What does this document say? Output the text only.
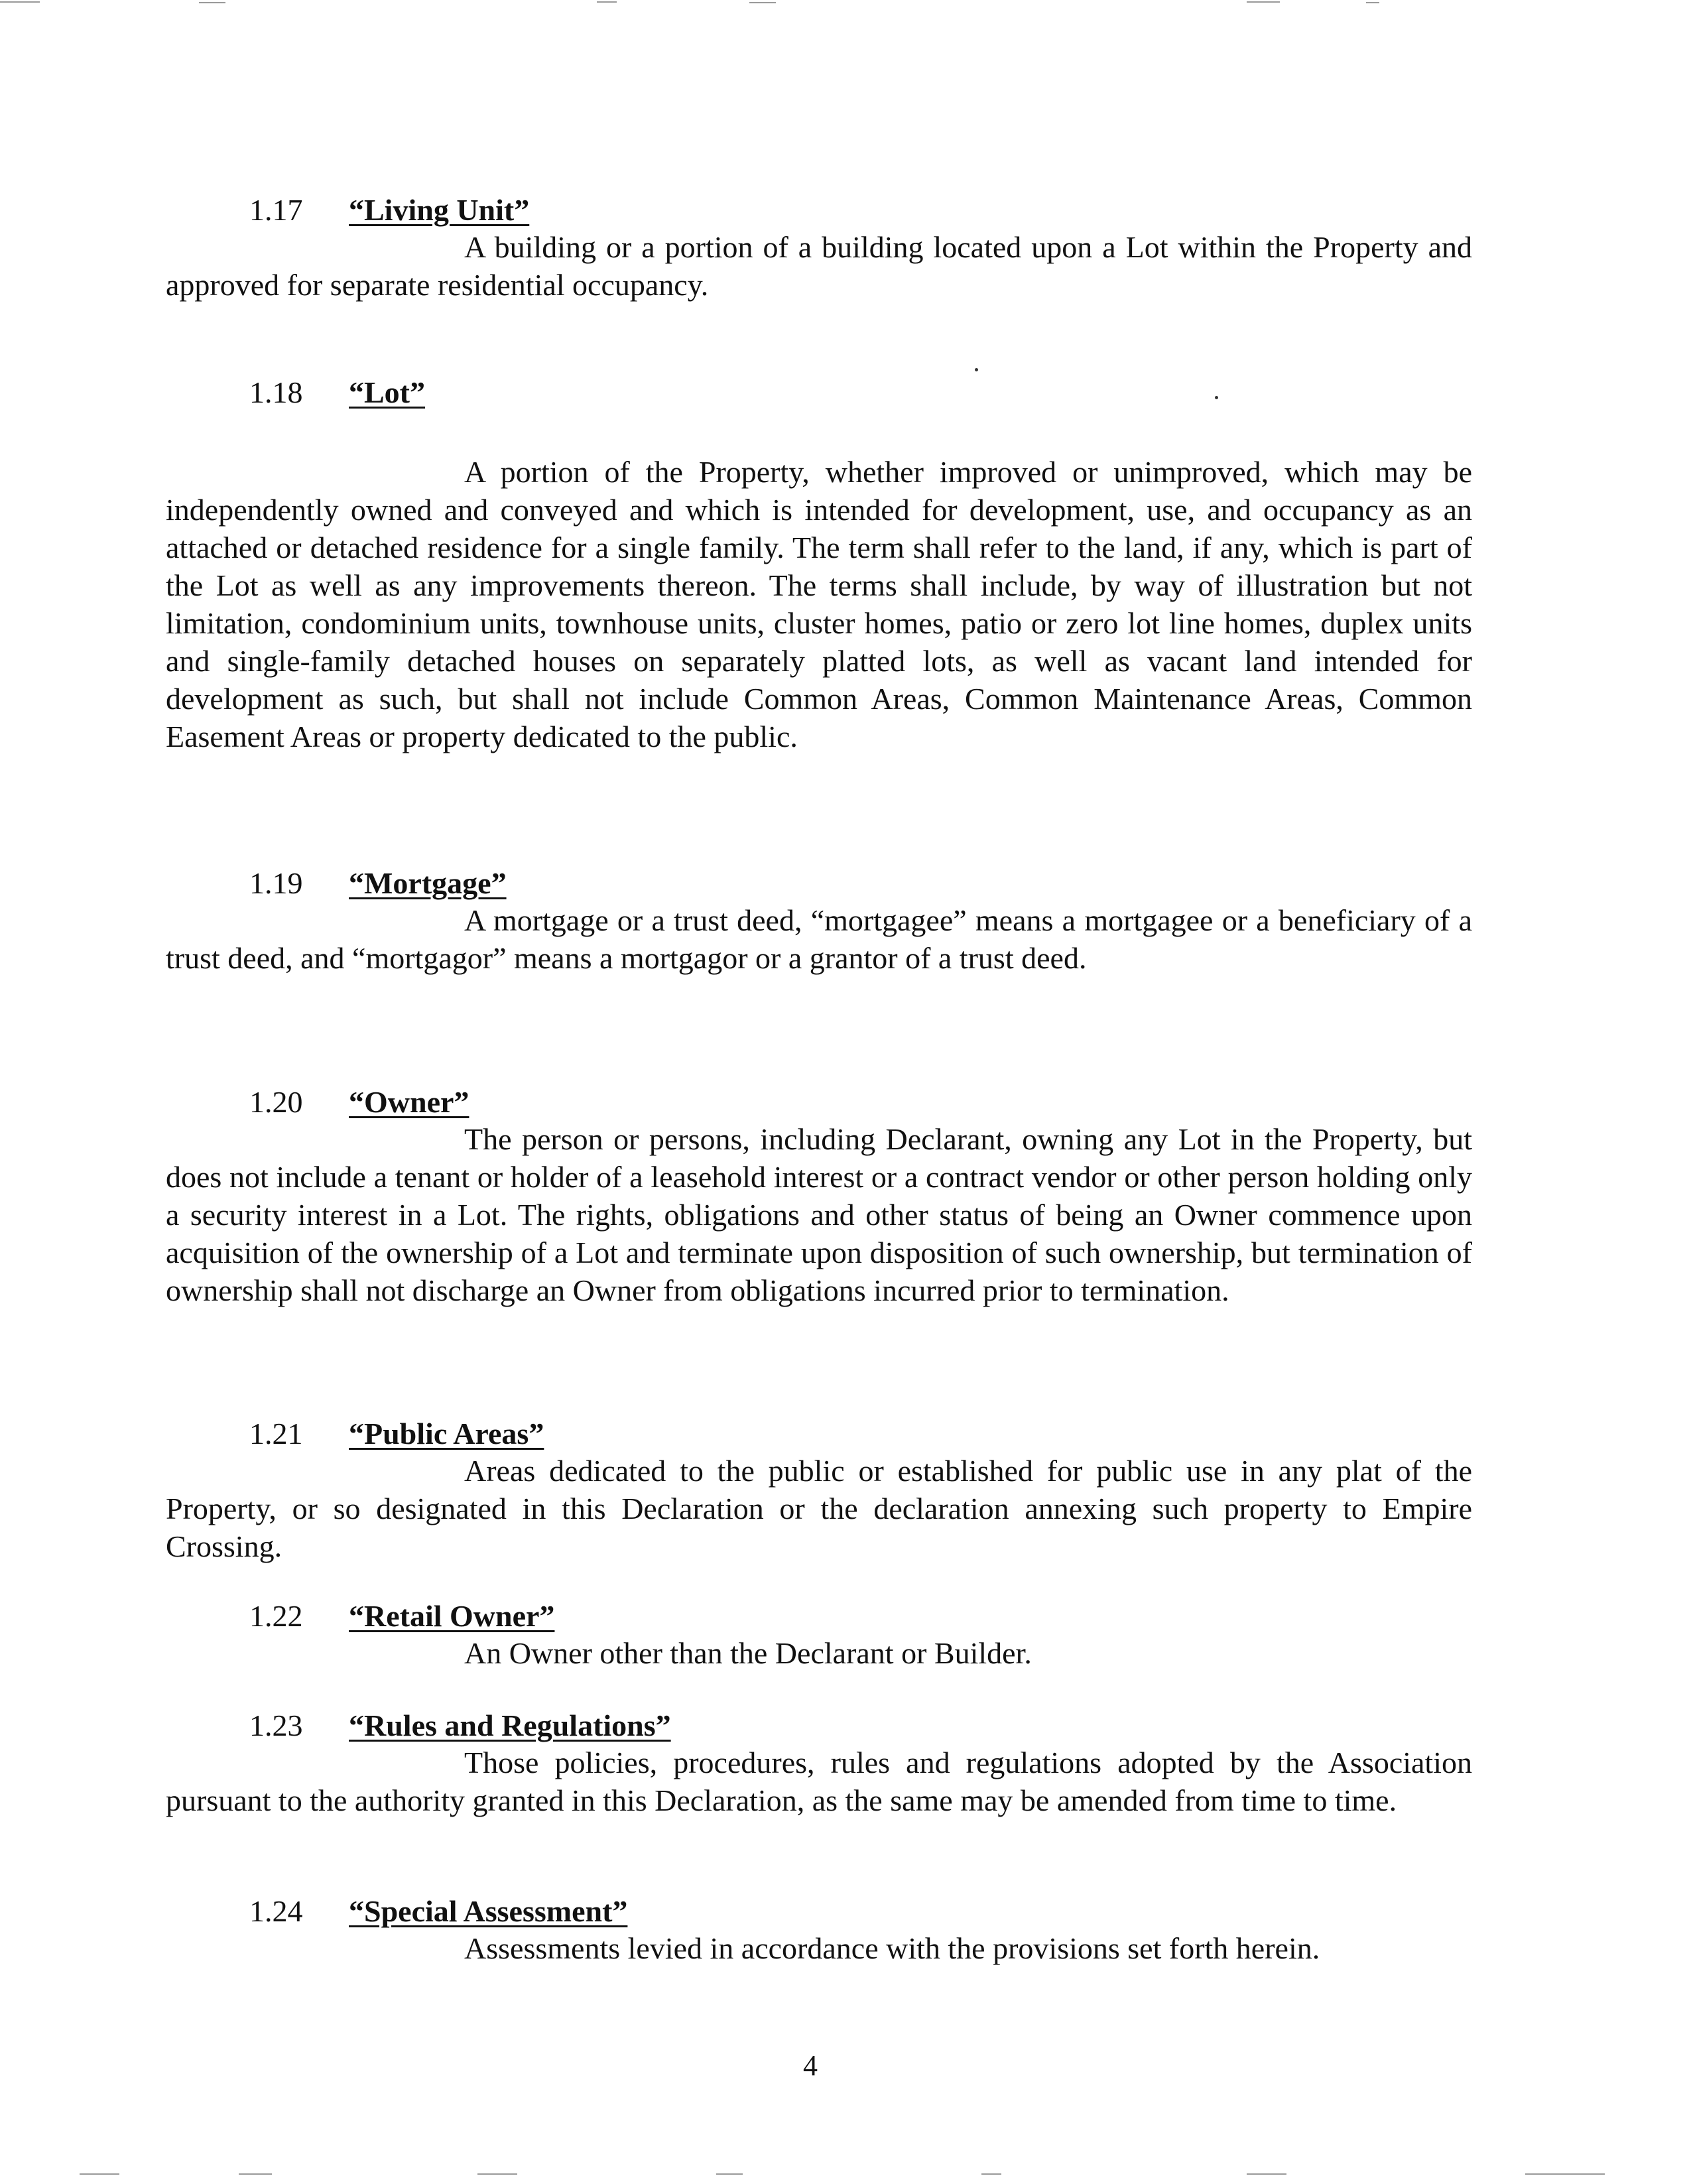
1.17 “Living Unit”

A building or a portion of a building located upon a Lot within the Property and approved for separate residential occupancy.

1.18 “Lot”

A portion of the Property, whether improved or unimproved, which may be independently owned and conveyed and which is intended for development, use, and occupancy as an attached or detached residence for a single family. The term shall refer to the land, if any, which is part of the Lot as well as any improvements thereon. The terms shall include, by way of illustration but not limitation, condominium units, townhouse units, cluster homes, patio or zero lot line homes, duplex units and single-family detached houses on separately platted lots, as well as vacant land intended for development as such, but shall not include Common Areas, Common Maintenance Areas, Common Easement Areas or property dedicated to the public.

1.19 “Mortgage”

A mortgage or a trust deed, “mortgagee” means a mortgagee or a beneficiary of a trust deed, and “mortgagor” means a mortgagor or a grantor of a trust deed.

1.20 “Owner”

The person or persons, including Declarant, owning any Lot in the Property, but does not include a tenant or holder of a leasehold interest or a contract vendor or other person holding only a security interest in a Lot. The rights, obligations and other status of being an Owner commence upon acquisition of the ownership of a Lot and terminate upon disposition of such ownership, but termination of ownership shall not discharge an Owner from obligations incurred prior to termination.

1.21 “Public Areas”

Areas dedicated to the public or established for public use in any plat of the Property, or so designated in this Declaration or the declaration annexing such property to Empire Crossing.

1.22 “Retail Owner”

An Owner other than the Declarant or Builder.

1.23 “Rules and Regulations”

Those policies, procedures, rules and regulations adopted by the Association pursuant to the authority granted in this Declaration, as the same may be amended from time to time.

1.24 “Special Assessment”

Assessments levied in accordance with the provisions set forth herein.

4
